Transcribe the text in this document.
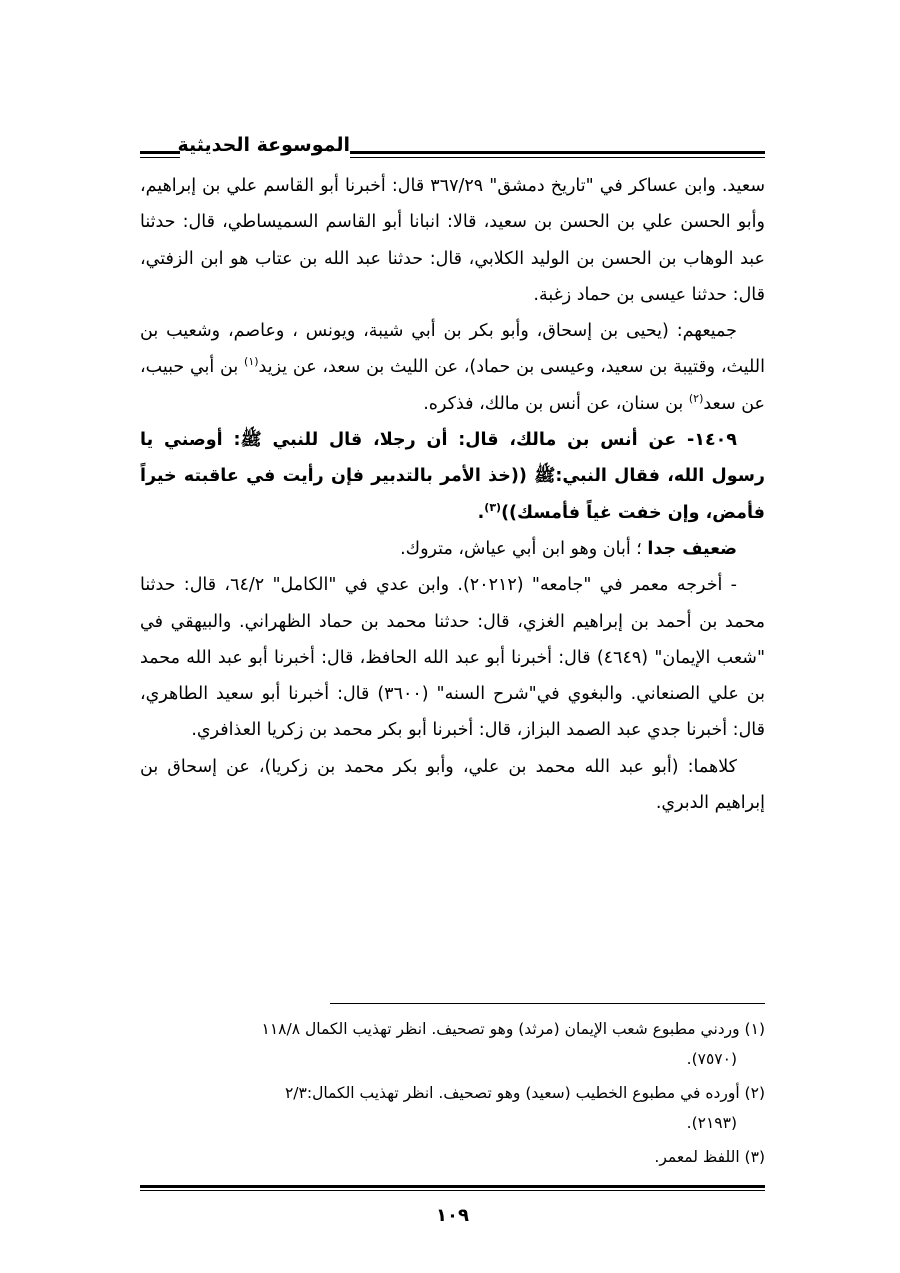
الموسوعة الحديثية

سعيد. وابن عساكر في "تاريخ دمشق" ٣٦٧/٢٩ قال: أخبرنا أبو القاسم علي بن إبراهيم، وأبو الحسن علي بن الحسن بن سعيد، قالا: انبانا أبو القاسم السميساطي، قال: حدثنا عبد الوهاب بن الحسن بن الوليد الكلابي، قال: حدثنا عبد الله بن عتاب هو ابن الزفتي، قال: حدثنا عيسى بن حماد زغبة.

جميعهم: (يحيى بن إسحاق، وأبو بكر بن أبي شيبة، ويونس ، وعاصم، وشعيب بن الليث، وقتيبة بن سعيد، وعيسى بن حماد)، عن الليث بن سعد، عن يزيد$^{(١)}$ بن أبي حبيب، عن سعد$^{(٢)}$ بن سنان، عن أنس بن مالك، فذكره.

١٤٠٩- عن أنس بن مالك، قال: أن رجلا، قال للنبي ﷺ: أوصني يا رسول الله، فقال النبي:ﷺ ((خذ الأمر بالتدبير فإن رأيت في عاقبته خيراً فأمض، وإن خفت غياً فأمسك))$^{(٣)}$.

ضعيف جدا ؛ أبان وهو ابن أبي عياش، متروك.

- أخرجه معمر في "جامعه" (٢٠٢١٢). وابن عدي في "الكامل" ٦٤/٢، قال: حدثنا محمد بن أحمد بن إبراهيم الغزي، قال: حدثنا محمد بن حماد الظهراني. والبيهقي في "شعب الإيمان" (٤٦٤٩) قال: أخبرنا أبو عبد الله الحافظ، قال: أخبرنا أبو عبد الله محمد بن علي الصنعاني. والبغوي في"شرح السنه" (٣٦٠٠) قال: أخبرنا أبو سعيد الطاهري، قال: أخبرنا جدي عبد الصمد البزاز، قال: أخبرنا أبو بكر محمد بن زكريا العذافري.

كلاهما: (أبو عبد الله محمد بن علي، وأبو بكر محمد بن زكريا)، عن إسحاق بن إبراهيم الدبري.

(١) وردني مطبوع شعب الإيمان (مرثد) وهو تصحيف. انظر تهذيب الكمال ١١٨/٨
(٧٥٧٠).

(٢) أورده في مطبوع الخطيب (سعيد) وهو تصحيف. انظر تهذيب الكمال:٢/٣
(٢١٩٣).

(٣) اللفظ لمعمر.

١٠٩
